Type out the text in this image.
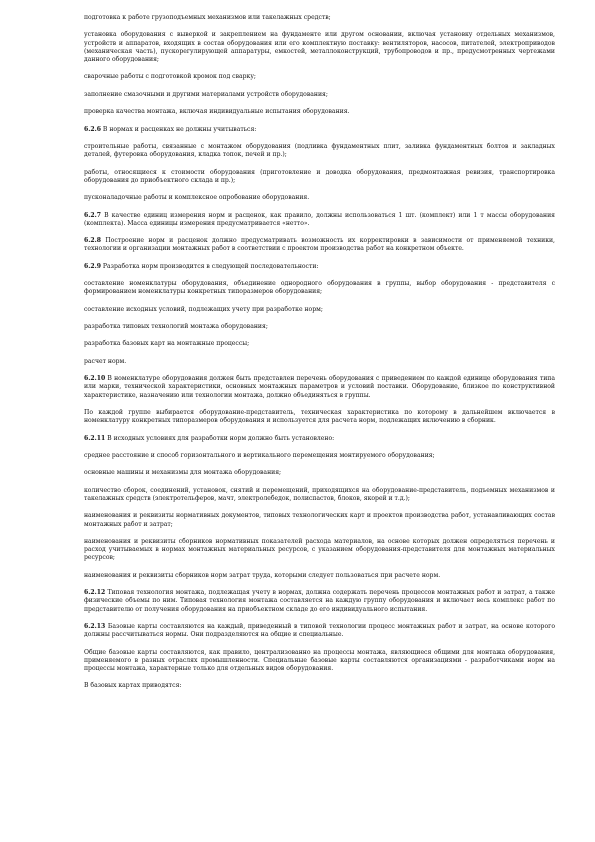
подготовка к работе грузоподъемных механизмов или такелажных средств;
установка оборудования с выверкой и закреплением на фундаменте или другом основании, включая установку отдельных механизмов, устройств и аппаратов, входящих в состав оборудования или его комплектную поставку: вентиляторов, насосов, питателей, электроприводов (механическая часть), пускорегулирующей аппаратуры, емкостей, металлоконструкций, трубопроводов и пр., предусмотренных чертежами данного оборудования;
сварочные работы с подготовкой кромок под сварку;
заполнение смазочными и другими материалами устройств оборудования;
проверка качества монтажа, включая индивидуальные испытания оборудования.
6.2.6 В нормах и расценках не должны учитываться:
строительные работы, связанные с монтажом оборудования (подливка фундаментных плит, заливка фундаментных болтов и закладных деталей, футеровка оборудования, кладка топок, печей и пр.);
работы, относящиеся к стоимости оборудования (приготовление и доводка оборудования, предмонтажная ревизия, транспортировка оборудования до приобъектного склада и пр.);
пусконаладочные работы и комплексное опробование оборудования.
6.2.7 В качестве единиц измерения норм и расценок, как правило, должны использоваться 1 шт. (комплект) или 1 т массы оборудования (комплекта). Масса единицы измерения предусматривается «нетто».
6.2.8 Построение норм и расценок должно предусматривать возможность их корректировки в зависимости от применяемой техники, технологии и организации монтажных работ в соответствии с проектом производства работ на конкретном объекте.
6.2.9 Разработка норм производится в следующей последовательности:
составление номенклатуры оборудования, объединение однородного оборудования в группы, выбор оборудования - представителя с формированием номенклатуры конкретных типоразмеров оборудования;
составление исходных условий, подлежащих учету при разработке норм;
разработка типовых технологий монтажа оборудования;
разработка базовых карт на монтажные процессы;
расчет норм.
6.2.10 В номенклатуре оборудования должен быть представлен перечень оборудования с приведением по каждой единице оборудования типа или марки, технической характеристики, основных монтажных параметров и условий поставки. Оборудование, близкое по конструктивной характеристике, назначению или технологии монтажа, должно объединяться в группы.
По каждой группе выбирается оборудование-представитель, техническая характеристика по которому в дальнейшем включается в номенклатуру конкретных типоразмеров оборудования и используется для расчета норм, подлежащих включению в сборник.
6.2.11 В исходных условиях для разработки норм должно быть установлено:
среднее расстояние и способ горизонтального и вертикального перемещения монтируемого оборудования;
основные машины и механизмы для монтажа оборудования;
количество сборок, соединений, установок, снятий и перемещений, приходящихся на оборудование-представитель, подъемных механизмов и такелажных средств (электротельферов, мачт, электролебедок, полиспастов, блоков, якорей и т.д.);
наименования и реквизиты нормативных документов, типовых технологических карт и проектов производства работ, устанавливающих состав монтажных работ и затрат;
наименования и реквизиты сборников нормативных показателей расхода материалов, на основе которых должен определяться перечень и расход учитываемых в нормах монтажных материальных ресурсов, с указанием оборудования-представителя для монтажных материальных ресурсов;
наименования и реквизиты сборников норм затрат труда, которыми следует пользоваться при расчете норм.
6.2.12 Типовая технология монтажа, подлежащая учету в нормах, должна содержать перечень процессов монтажных работ и затрат, а также физические объемы по ним. Типовая технология монтажа составляется на каждую группу оборудования и включает весь комплекс работ по представителю от получения оборудования на приобъектном складе до его индивидуального испытания.
6.2.13 Базовые карты составляются на каждый, приведенный в типовой технологии процесс монтажных работ и затрат, на основе которого должны рассчитываться нормы. Они подразделяются на общие и специальные.
Общие базовые карты составляются, как правило, централизованно на процессы монтажа, являющиеся общими для монтажа оборудования, применяемого в разных отраслях промышленности. Специальные базовые карты составляются организациями - разработчиками норм на процессы монтажа, характерные только для отдельных видов оборудования.
В базовых картах приводятся:
